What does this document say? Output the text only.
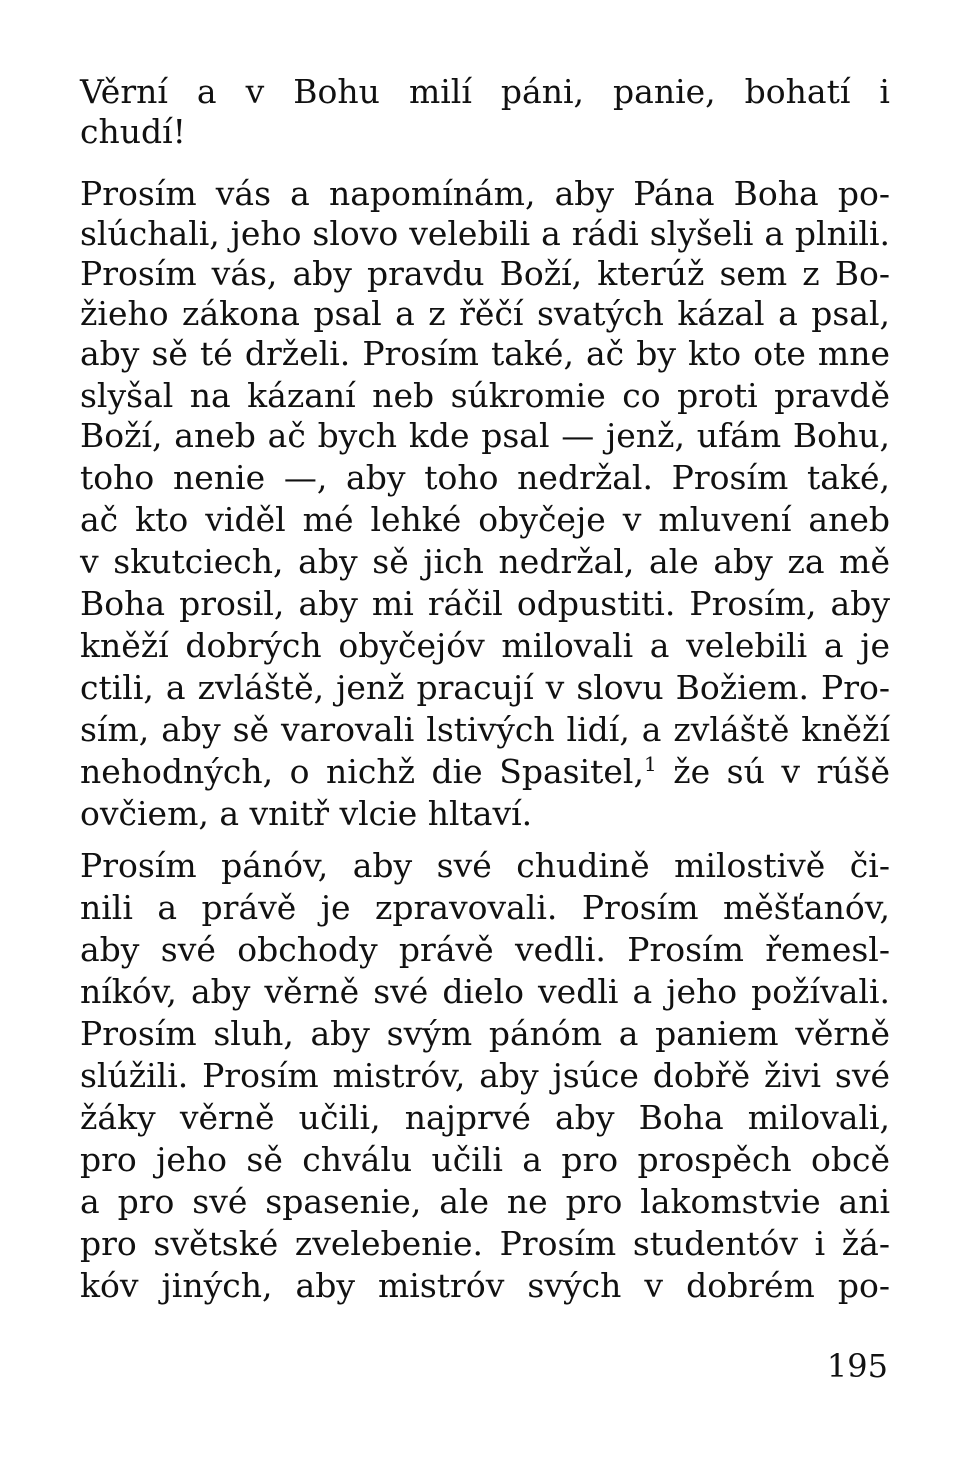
Věrní a v Bohu milí páni, panie, bohatí i
chudí!
Prosím vás a napomínám, aby Pána Boha po-
slúchali, jeho slovo velebili a rádi slyšeli a plnili.
Prosím vás, aby pravdu Boží, kterúž sem z Bo-
žieho zákona psal a z řěčí svatých kázal a psal,
aby sě té drželi. Prosím také, ač by kto ote mne
slyšal na kázaní neb súkromie co proti pravdě
Boží, aneb ač bych kde psal — jenž, ufám Bohu,
toho nenie —, aby toho nedržal. Prosím také,
ač kto viděl mé lehké obyčeje v mluvení aneb
v skutciech, aby sě jich nedržal, ale aby za mě
Boha prosil, aby mi ráčil odpustiti. Prosím, aby
kněží dobrých obyčejóv milovali a velebili a je
ctili, a zvláště, jenž pracují v slovu Božiem. Pro-
sím, aby sě varovali lstivých lidí, a zvláště kněží
nehodných, o nichž die Spasitel,$^1$ že sú v rúšě
ovčiem, a vnitř vlcie hltaví.
Prosím pánóv, aby své chudině milostivě či-
nili a právě je zpravovali. Prosím měšťanóv,
aby své obchody právě vedli. Prosím řemesl-
níkóv, aby věrně své dielo vedli a jeho požívali.
Prosím sluh, aby svým pánóm a paniem věrně
slúžili. Prosím mistróv, aby jsúce dobřě živi své
žáky věrně učili, najprvé aby Boha milovali,
pro jeho sě chválu učili a pro prospěch obcě
a pro své spasenie, ale ne pro lakomstvie ani
pro světské zvelebenie. Prosím studentóv i žá-
kóv jiných, aby mistróv svých v dobrém po-
195
